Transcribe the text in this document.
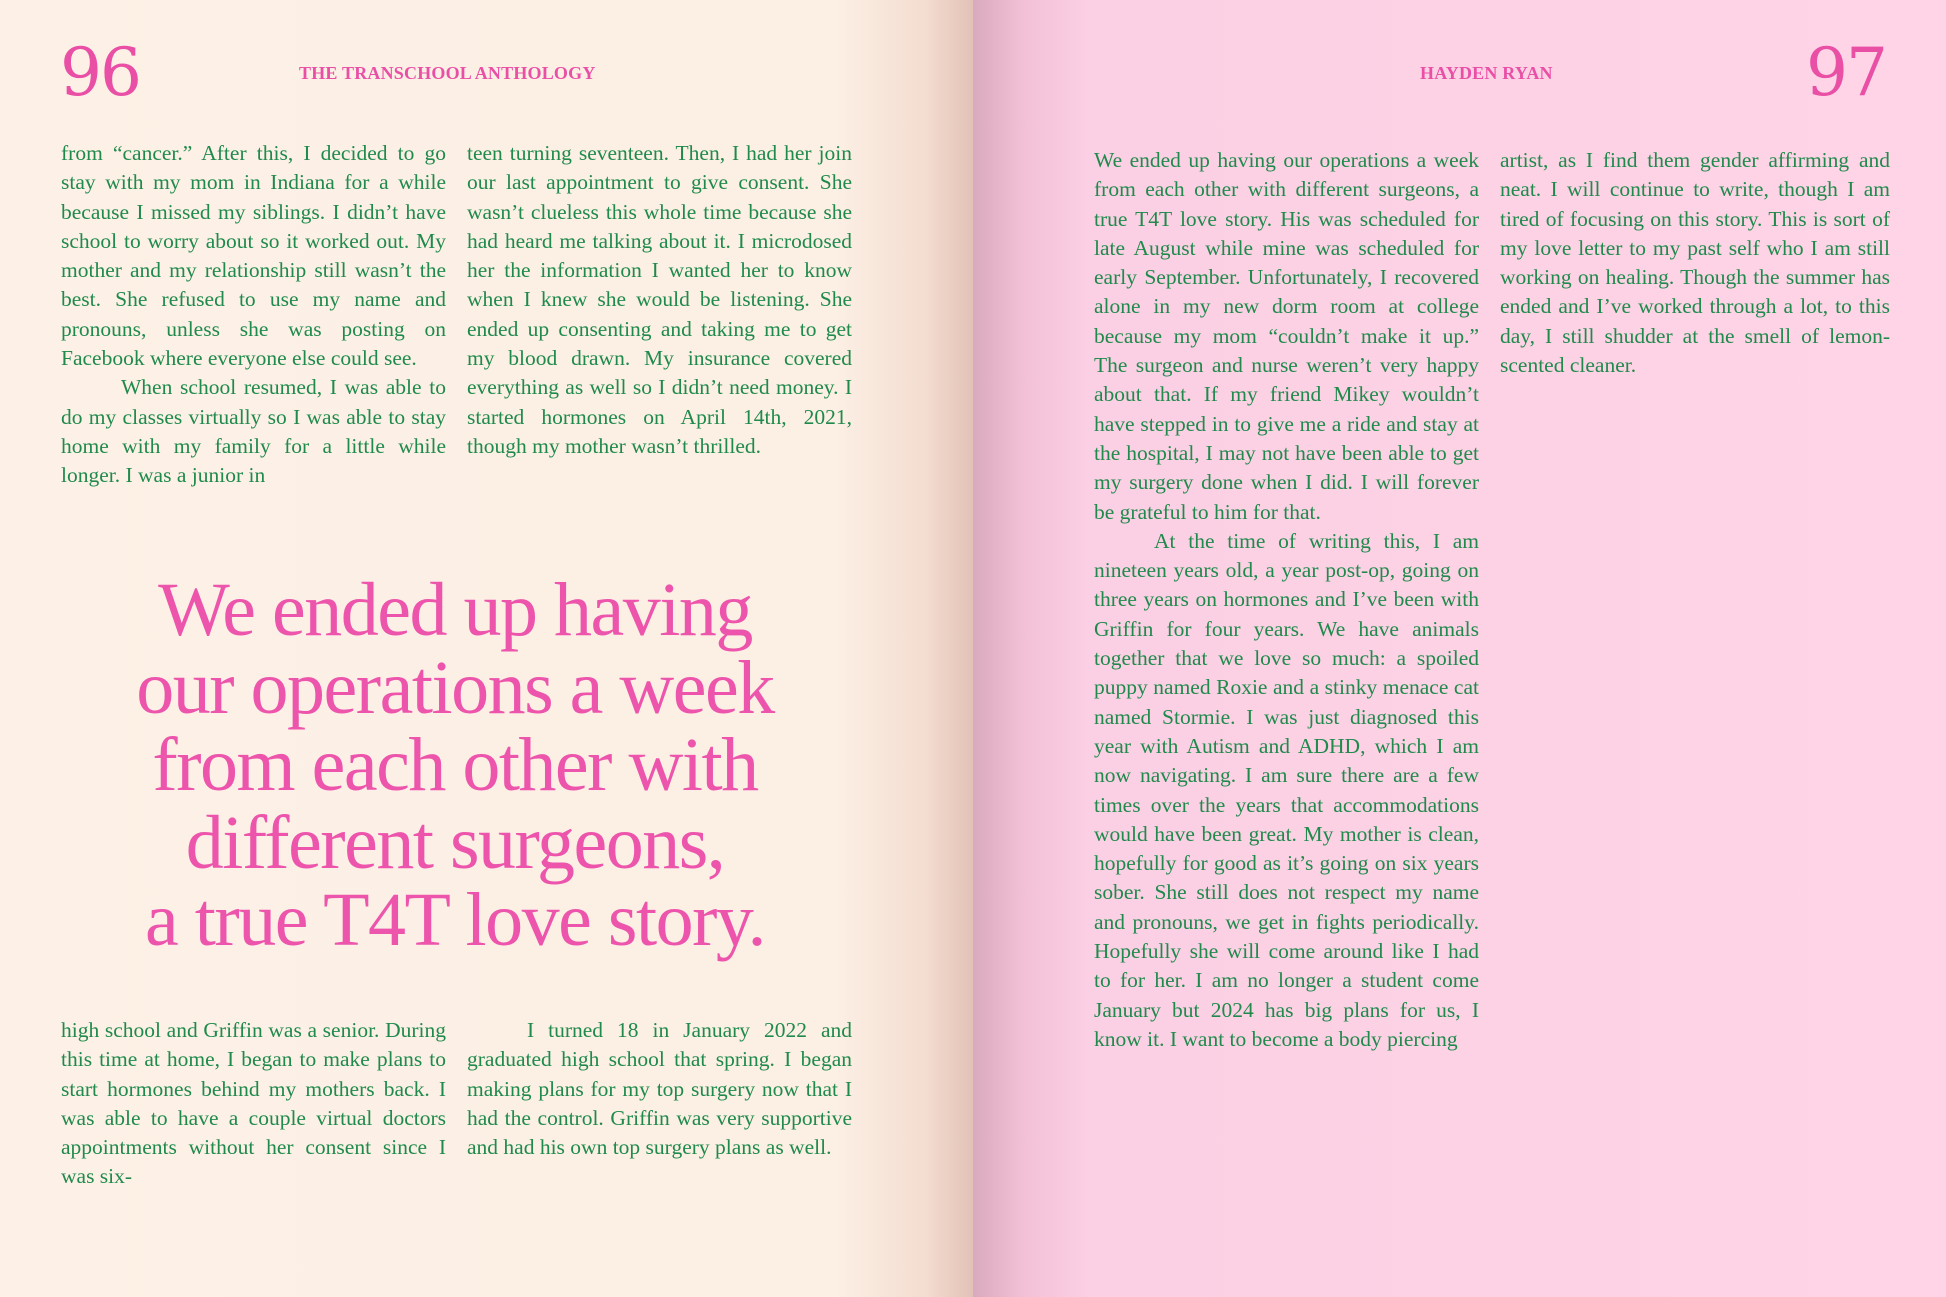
96	THE TRANSCHOOL ANTHOLOGY

from “cancer.” After this, I decided to go stay with my mom in Indiana for a while because I missed my siblings. I didn’t have school to worry about so it worked out. My mother and my relationship still wasn’t the best. She refused to use my name and pronouns, unless she was posting on Facebook where everyone else could see.

When school resumed, I was able to do my classes virtually so I was able to stay home with my family for a little while longer. I was a junior in

teen turning seventeen. Then, I had her join our last appointment to give consent. She wasn’t clueless this whole time because she had heard me talking about it. I microdosed her the information I wanted her to know when I knew she would be listening. She ended up consenting and taking me to get my blood drawn. My insurance covered everything as well so I didn’t need money. I started hormones on April 14th, 2021, though my mother wasn’t thrilled.

We ended up having
our operations a week
from each other with
different surgeons,
a true T4T love story.

high school and Griffin was a senior. During this time at home, I began to make plans to start hormones behind my mothers back. I was able to have a couple virtual doctors appointments without her consent since I was six-

I turned 18 in January 2022 and graduated high school that spring. I began making plans for my top surgery now that I had the control. Griffin was very supportive and had his own top surgery plans as well.

HAYDEN RYAN	97

We ended up having our operations a week from each other with different surgeons, a true T4T love story. His was scheduled for late August while mine was scheduled for early September. Unfortunately, I recovered alone in my new dorm room at college because my mom “couldn’t make it up.” The surgeon and nurse weren’t very happy about that. If my friend Mikey wouldn’t have stepped in to give me a ride and stay at the hospital, I may not have been able to get my surgery done when I did. I will forever be grateful to him for that.

At the time of writing this, I am nineteen years old, a year post-op, going on three years on hormones and I’ve been with Griffin for four years. We have animals together that we love so much: a spoiled puppy named Roxie and a stinky menace cat named Stormie. I was just diagnosed this year with Autism and ADHD, which I am now navigating. I am sure there are a few times over the years that accommodations would have been great. My mother is clean, hopefully for good as it’s going on six years sober. She still does not respect my name and pronouns, we get in fights periodically. Hopefully she will come around like I had to for her. I am no longer a student come January but 2024 has big plans for us, I know it. I want to become a body piercing

artist, as I find them gender affirming and neat. I will continue to write, though I am tired of focusing on this story. This is sort of my love letter to my past self who I am still working on healing. Though the summer has ended and I’ve worked through a lot, to this day, I still shudder at the smell of lemon-scented cleaner.
